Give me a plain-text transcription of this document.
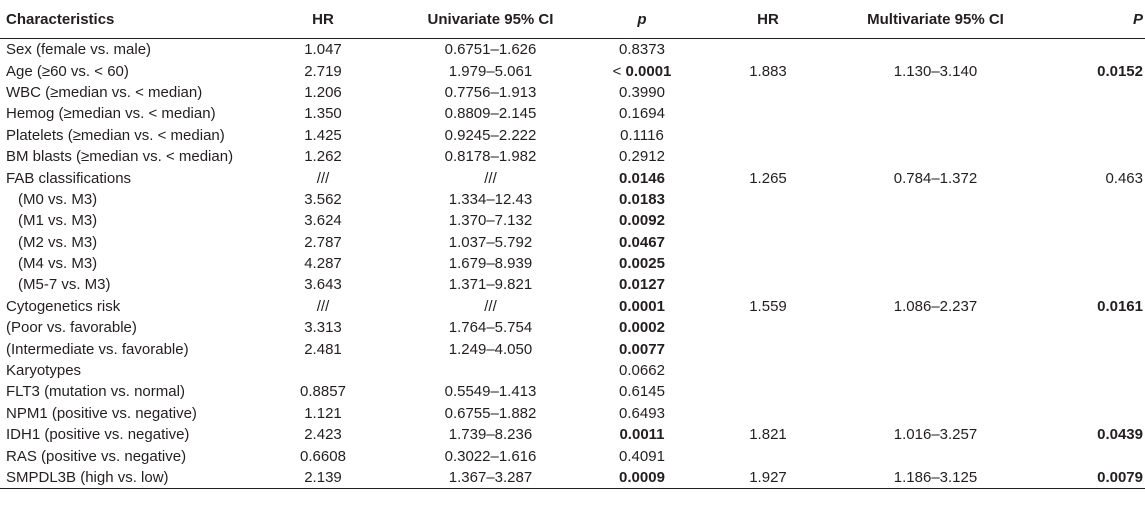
Characteristics	HR	Univariate 95% CI	p	HR	Multivariate 95% CI	P
Sex (female vs. male)	1.047	0.6751–1.626	0.8373			
Age (≥60 vs. < 60)	2.719	1.979–5.061	< 0.0001	1.883	1.130–3.140	0.0152
WBC (≥median vs. < median)	1.206	0.7756–1.913	0.3990			
Hemog (≥median vs. < median)	1.350	0.8809–2.145	0.1694			
Platelets (≥median vs. < median)	1.425	0.9245–2.222	0.1116			
BM blasts (≥median vs. < median)	1.262	0.8178–1.982	0.2912			
FAB classifications	///	///	0.0146	1.265	0.784–1.372	0.463
(M0 vs. M3)	3.562	1.334–12.43	0.0183			
(M1 vs. M3)	3.624	1.370–7.132	0.0092			
(M2 vs. M3)	2.787	1.037–5.792	0.0467			
(M4 vs. M3)	4.287	1.679–8.939	0.0025			
(M5-7 vs. M3)	3.643	1.371–9.821	0.0127			
Cytogenetics risk	///	///	0.0001	1.559	1.086–2.237	0.0161
(Poor vs. favorable)	3.313	1.764–5.754	0.0002			
(Intermediate vs. favorable)	2.481	1.249–4.050	0.0077			
Karyotypes			0.0662			
FLT3 (mutation vs. normal)	0.8857	0.5549–1.413	0.6145			
NPM1 (positive vs. negative)	1.121	0.6755–1.882	0.6493			
IDH1 (positive vs. negative)	2.423	1.739–8.236	0.0011	1.821	1.016–3.257	0.0439
RAS (positive vs. negative)	0.6608	0.3022–1.616	0.4091			
SMPDL3B (high vs. low)	2.139	1.367–3.287	0.0009	1.927	1.186–3.125	0.0079
